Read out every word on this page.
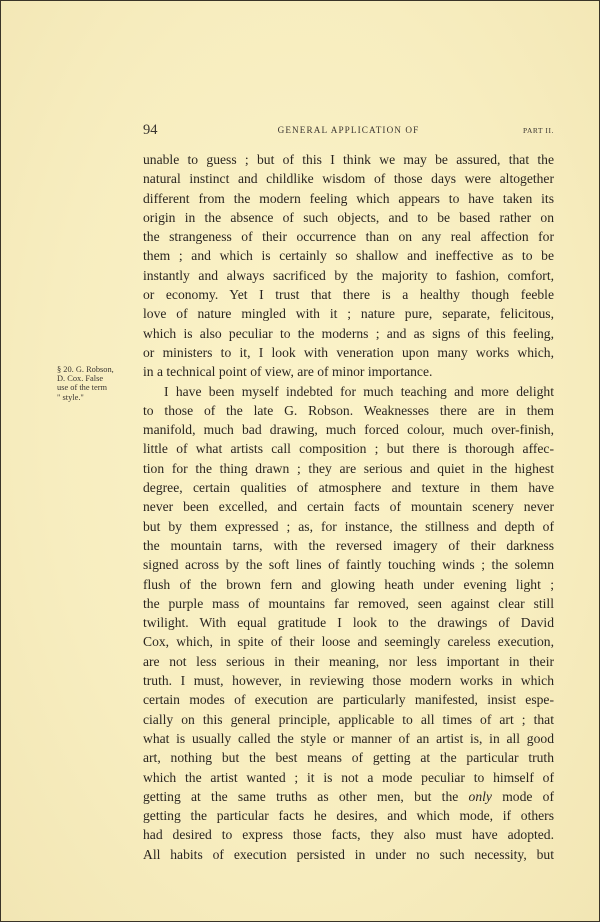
94	GENERAL APPLICATION OF	PART II.
§ 20. G. Robson,
D. Cox. False
use of the term
" style."
unable to guess ; but of this I think we may be assured, that the
natural instinct and childlike wisdom of those days were altogether
different from the modern feeling which appears to have taken its
origin in the absence of such objects, and to be based rather on
the strangeness of their occurrence than on any real affection for
them ; and which is certainly so shallow and ineffective as to be
instantly and always sacrificed by the majority to fashion, comfort,
or economy. Yet I trust that there is a healthy though feeble
love of nature mingled with it ; nature pure, separate, felicitous,
which is also peculiar to the moderns ; and as signs of this feeling,
or ministers to it, I look with veneration upon many works which,
in a technical point of view, are of minor importance.
I have been myself indebted for much teaching and more delight
to those of the late G. Robson. Weaknesses there are in them
manifold, much bad drawing, much forced colour, much over-finish,
little of what artists call composition ; but there is thorough affec-
tion for the thing drawn ; they are serious and quiet in the highest
degree, certain qualities of atmosphere and texture in them have
never been excelled, and certain facts of mountain scenery never
but by them expressed ; as, for instance, the stillness and depth of
the mountain tarns, with the reversed imagery of their darkness
signed across by the soft lines of faintly touching winds ; the solemn
flush of the brown fern and glowing heath under evening light ;
the purple mass of mountains far removed, seen against clear still
twilight. With equal gratitude I look to the drawings of David
Cox, which, in spite of their loose and seemingly careless execution,
are not less serious in their meaning, nor less important in their
truth. I must, however, in reviewing those modern works in which
certain modes of execution are particularly manifested, insist espe-
cially on this general principle, applicable to all times of art ; that
what is usually called the style or manner of an artist is, in all good
art, nothing but the best means of getting at the particular truth
which the artist wanted ; it is not a mode peculiar to himself of
getting at the same truths as other men, but the only mode of
getting the particular facts he desires, and which mode, if others
had desired to express those facts, they also must have adopted.
All habits of execution persisted in under no such necessity, but
